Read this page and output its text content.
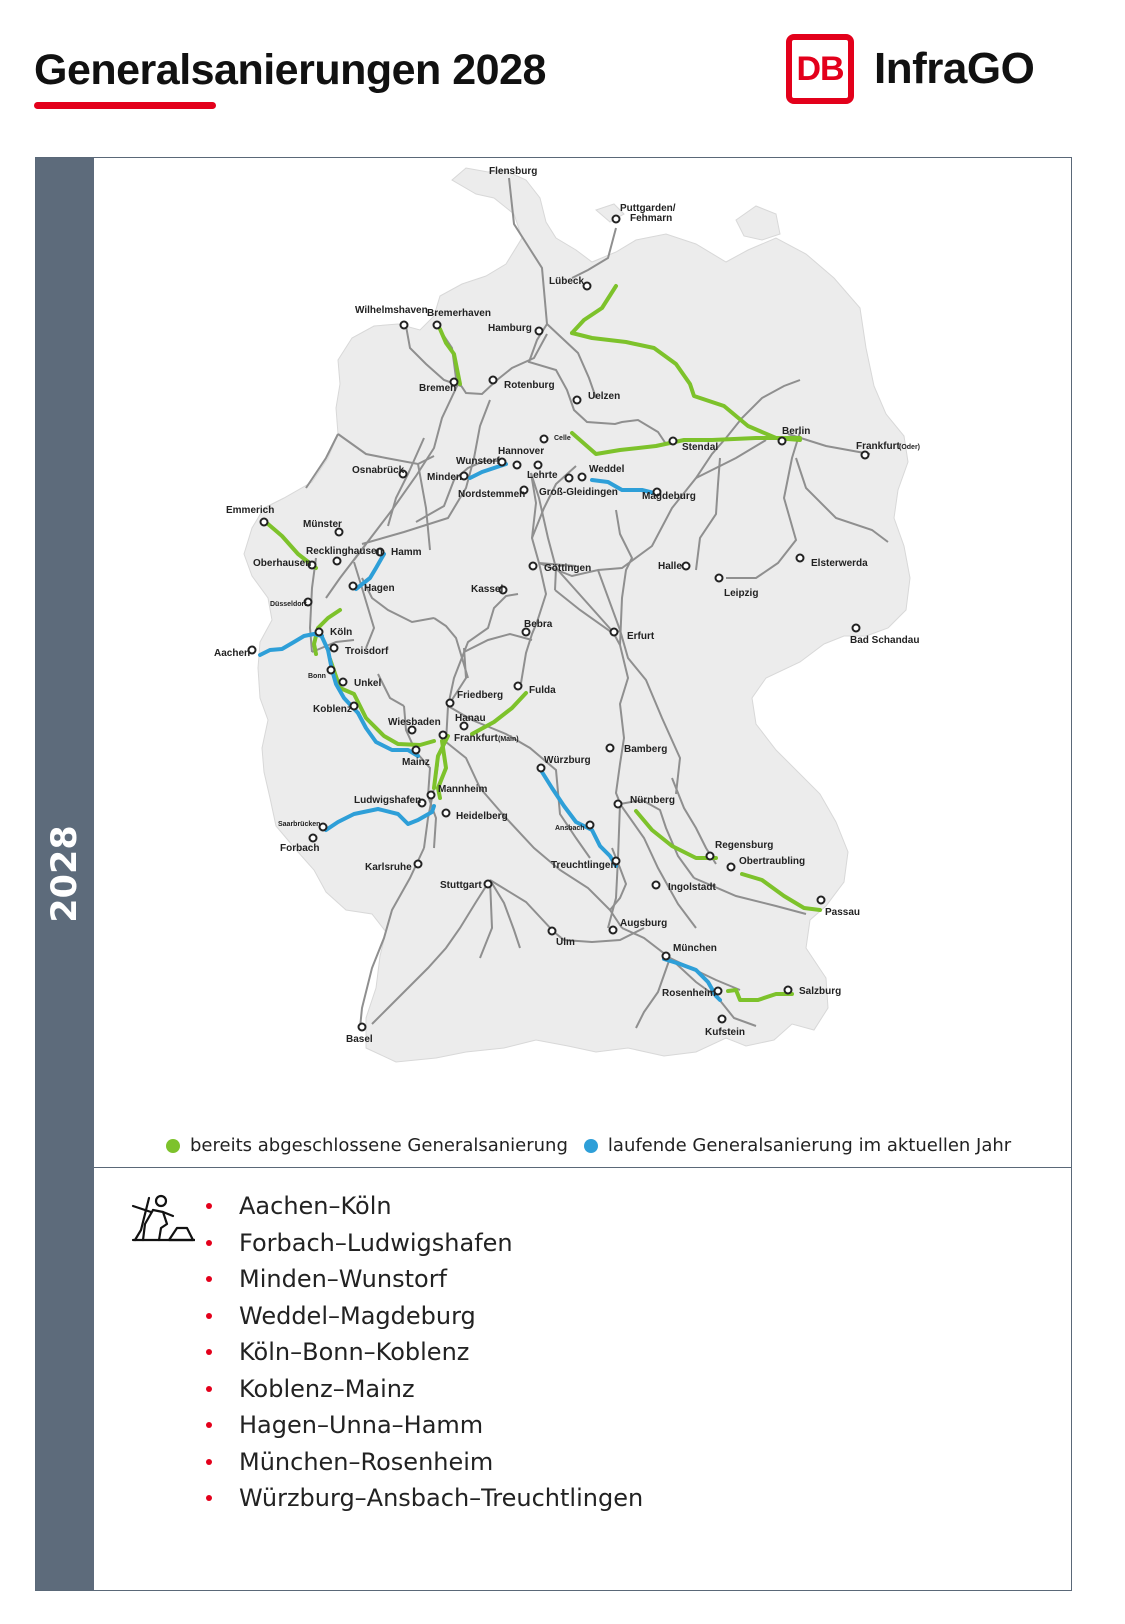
Generalsanierungen 2028	DB InfraGO
2028
Flensburg
Puttgarden/
Fehmarn
Lübeck
Hamburg
Wilhelmshaven Bremerhaven
Bremen	Rotenburg
Uelzen
Celle
Hannover
Wunstorf
Minden	Lehrte
Nordstemmen Groß-Gleidingen
Weddel
Magdeburg
Stendal
Berlin
Frankfurt (Oder)
Osnabrück
Emmerich
Münster
Recklinghausen Hamm
Oberhausen
Hagen
Düsseldorf
Köln
Aachen	Troisdorf
Bonn
Unkel
Koblenz
Wiesbaden
Mainz
Göttingen
Kassel
Halle
Leipzig
Elsterwerda
Bad Schandau
Bebra
Erfurt
Fulda
Friedberg
Hanau
Frankfurt (Main)
Bamberg
Würzburg
Mannheim
Ludwigshafen
Heidelberg
Saarbrücken
Forbach
Nürnberg
Ansbach
Regensburg
Obertraubling
Karlsruhe	Treuchtlingen
Ingolstadt
Stuttgart
Passau
Augsburg
Ulm
München
Rosenheim	Salzburg
Kufstein
Basel
bereits abgeschlossene Generalsanierung laufende Generalsanierung im aktuellen Jahr
Aachen–Köln
Forbach–Ludwigshafen
Minden–Wunstorf
Weddel–Magdeburg
Köln–Bonn–Koblenz
Koblenz–Mainz
Hagen–Unna–Hamm
München–Rosenheim
Würzburg–Ansbach–Treuchtlingen
